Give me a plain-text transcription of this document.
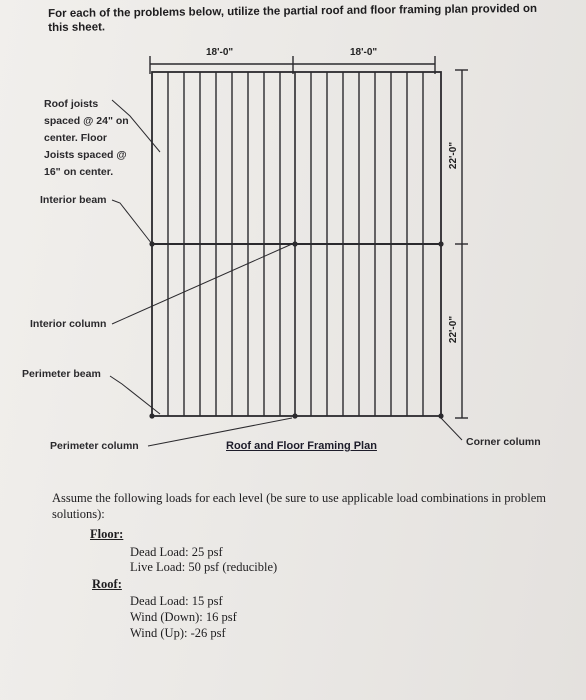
For each of the problems below, utilize the partial roof and floor framing plan provided on this sheet.
18'-0"	18'-0"
22'-0"
22'-0"
Roof joists spaced @ 24" on center. Floor Joists spaced @ 16" on center.
Interior beam
Interior column
Perimeter beam
Perimeter column	Corner column
Roof and Floor Framing Plan
Assume the following loads for each level (be sure to use applicable load combinations in problem solutions):
Floor:
Dead Load: 25 psf
Live Load: 50 psf (reducible)
Roof:
Dead Load: 15 psf
Wind (Down): 16 psf
Wind (Up): -26 psf
